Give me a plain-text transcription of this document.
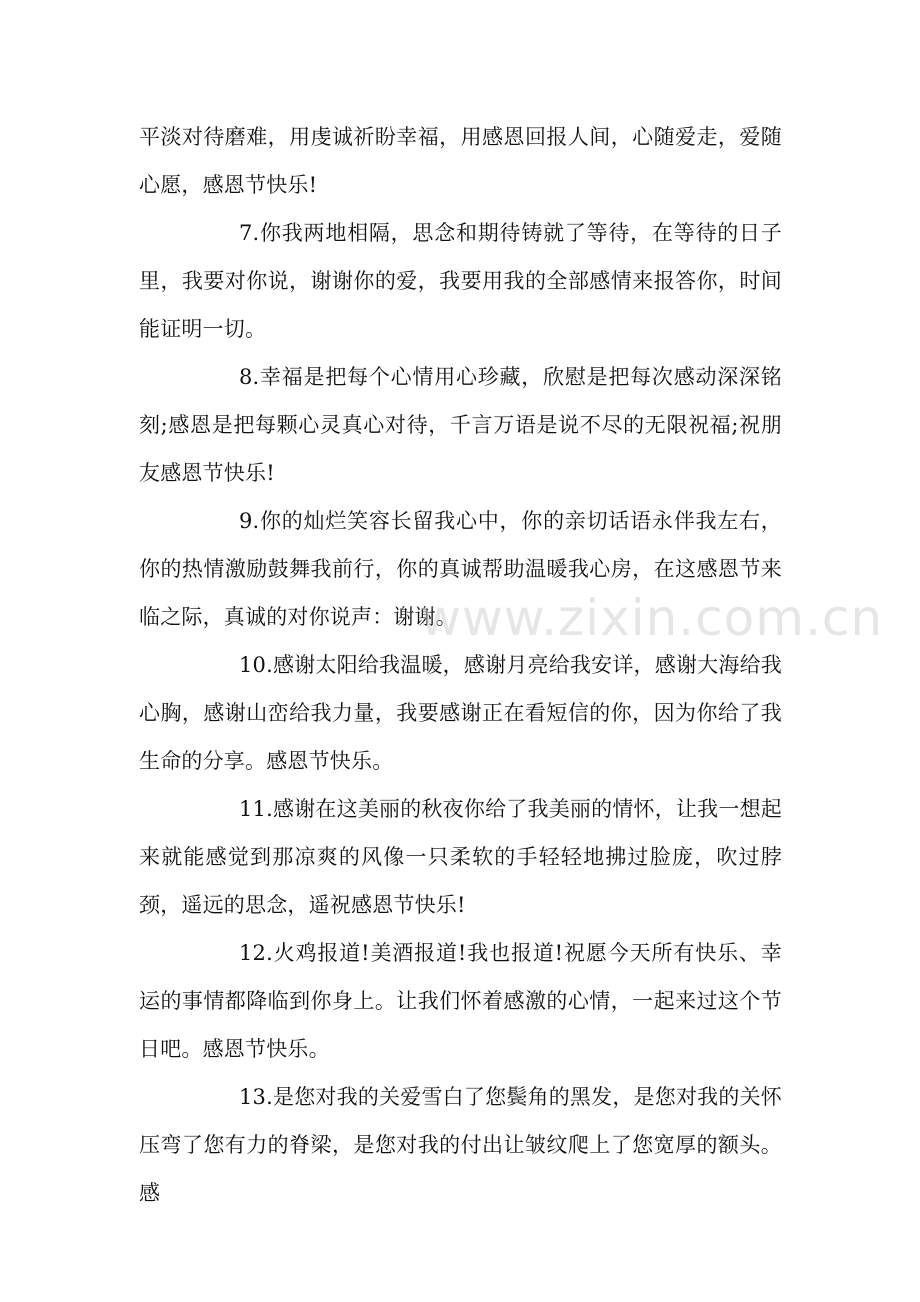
平淡对待磨难，用虔诚祈盼幸福，用感恩回报人间，心随爱走，爱随心愿，感恩节快乐!

7.你我两地相隔，思念和期待铸就了等待，在等待的日子里，我要对你说，谢谢你的爱，我要用我的全部感情来报答你，时间能证明一切。

8.幸福是把每个心情用心珍藏，欣慰是把每次感动深深铭刻;感恩是把每颗心灵真心对待，千言万语是说不尽的无限祝福;祝朋友感恩节快乐!

9.你的灿烂笑容长留我心中，你的亲切话语永伴我左右，你的热情激励鼓舞我前行，你的真诚帮助温暖我心房，在这感恩节来临之际，真诚的对你说声：谢谢。

10.感谢太阳给我温暖，感谢月亮给我安详，感谢大海给我心胸，感谢山峦给我力量，我要感谢正在看短信的你，因为你给了我生命的分享。感恩节快乐。

11.感谢在这美丽的秋夜你给了我美丽的情怀，让我一想起来就能感觉到那凉爽的风像一只柔软的手轻轻地拂过脸庞，吹过脖颈，遥远的思念，遥祝感恩节快乐!

12.火鸡报道!美酒报道!我也报道!祝愿今天所有快乐、幸运的事情都降临到你身上。让我们怀着感激的心情，一起来过这个节日吧。感恩节快乐。

13.是您对我的关爱雪白了您鬓角的黑发，是您对我的关怀压弯了您有力的脊梁，是您对我的付出让皱纹爬上了您宽厚的额头。感

www.zixin.com.cn
